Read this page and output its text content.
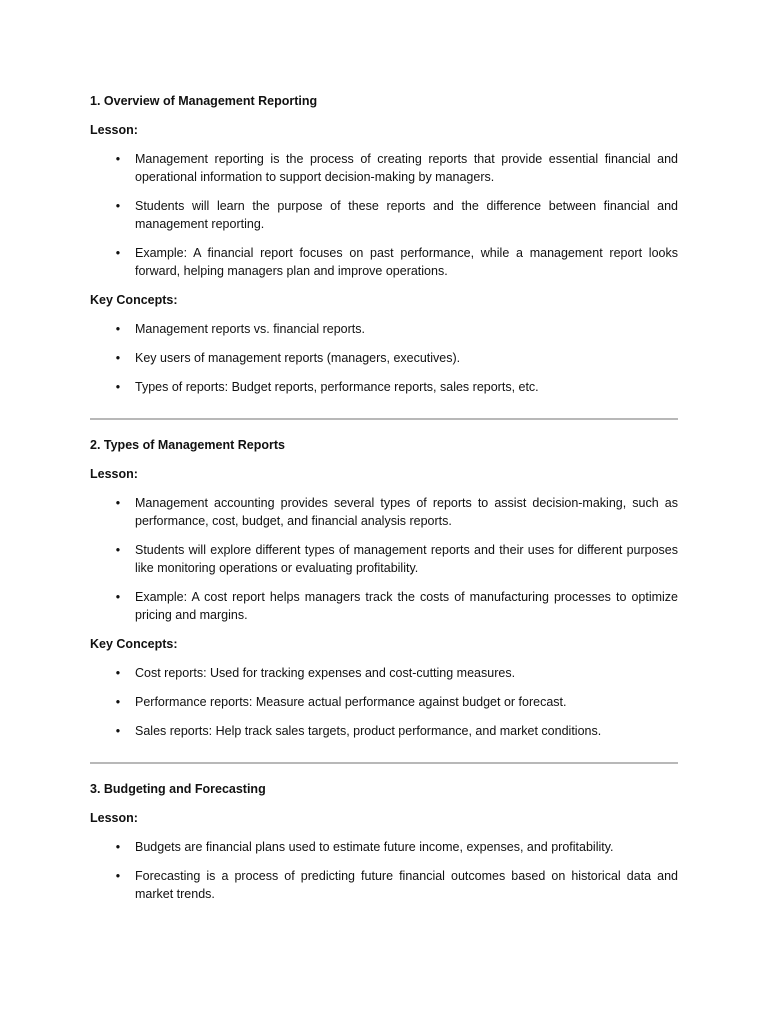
1. Overview of Management Reporting
Lesson:
• Management reporting is the process of creating reports that provide essential financial and operational information to support decision-making by managers.
• Students will learn the purpose of these reports and the difference between financial and management reporting.
• Example: A financial report focuses on past performance, while a management report looks forward, helping managers plan and improve operations.
Key Concepts:
• Management reports vs. financial reports.
• Key users of management reports (managers, executives).
• Types of reports: Budget reports, performance reports, sales reports, etc.
2. Types of Management Reports
Lesson:
• Management accounting provides several types of reports to assist decision-making, such as performance, cost, budget, and financial analysis reports.
• Students will explore different types of management reports and their uses for different purposes like monitoring operations or evaluating profitability.
• Example: A cost report helps managers track the costs of manufacturing processes to optimize pricing and margins.
Key Concepts:
• Cost reports: Used for tracking expenses and cost-cutting measures.
• Performance reports: Measure actual performance against budget or forecast.
• Sales reports: Help track sales targets, product performance, and market conditions.
3. Budgeting and Forecasting
Lesson:
• Budgets are financial plans used to estimate future income, expenses, and profitability.
• Forecasting is a process of predicting future financial outcomes based on historical data and market trends.
